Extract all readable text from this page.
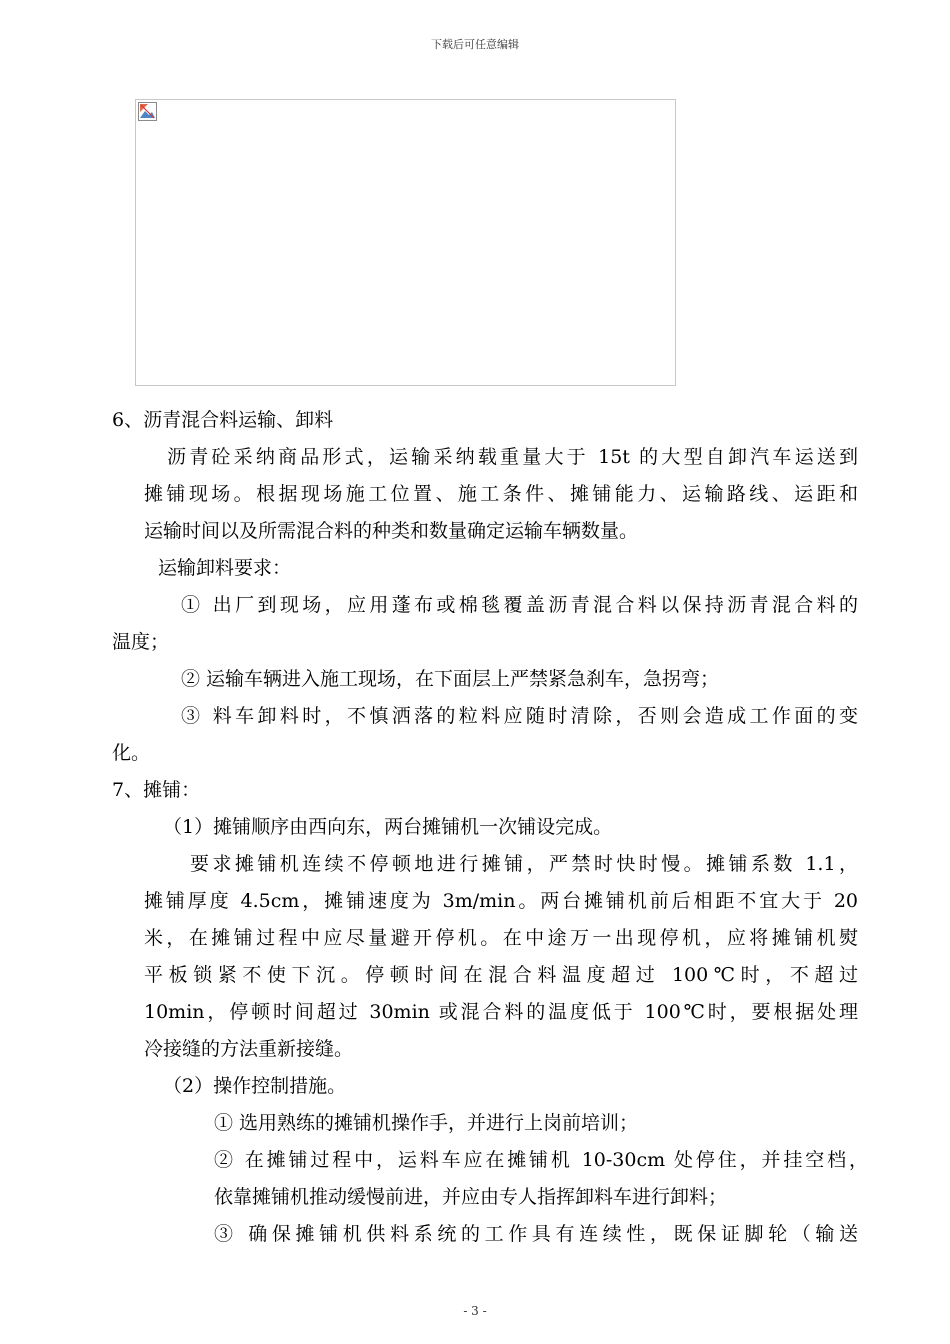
下载后可任意编辑
6、沥青混合料运输、卸料
沥青砼采纳商品形式，运输采纳载重量大于 15t 的大型自卸汽车运送到
摊铺现场。根据现场施工位置、施工条件、摊铺能力、运输路线、运距和
运输时间以及所需混合料的种类和数量确定运输车辆数量。
运输卸料要求：
① 出厂到现场，应用蓬布或棉毯覆盖沥青混合料以保持沥青混合料的
温度；
② 运输车辆进入施工现场，在下面层上严禁紧急刹车，急拐弯；
③ 料车卸料时，不慎洒落的粒料应随时清除，否则会造成工作面的变
化。
7、摊铺：
（1）摊铺顺序由西向东，两台摊铺机一次铺设完成。
要求摊铺机连续不停顿地进行摊铺，严禁时快时慢。摊铺系数 1.1，
摊铺厚度 4.5cm，摊铺速度为 3m/min。两台摊铺机前后相距不宜大于 20
米，在摊铺过程中应尽量避开停机。在中途万一出现停机，应将摊铺机熨
平板锁紧不使下沉。停顿时间在混合料温度超过 100℃时，不超过
10min，停顿时间超过 30min 或混合料的温度低于 100℃时，要根据处理
冷接缝的方法重新接缝。
（2）操作控制措施。
① 选用熟练的摊铺机操作手，并进行上岗前培训；
② 在摊铺过程中，运料车应在摊铺机 10-30cm 处停住，并挂空档，
依靠摊铺机推动缓慢前进，并应由专人指挥卸料车进行卸料；
③ 确保摊铺机供料系统的工作具有连续性，既保证脚轮（输送
- 3 -
